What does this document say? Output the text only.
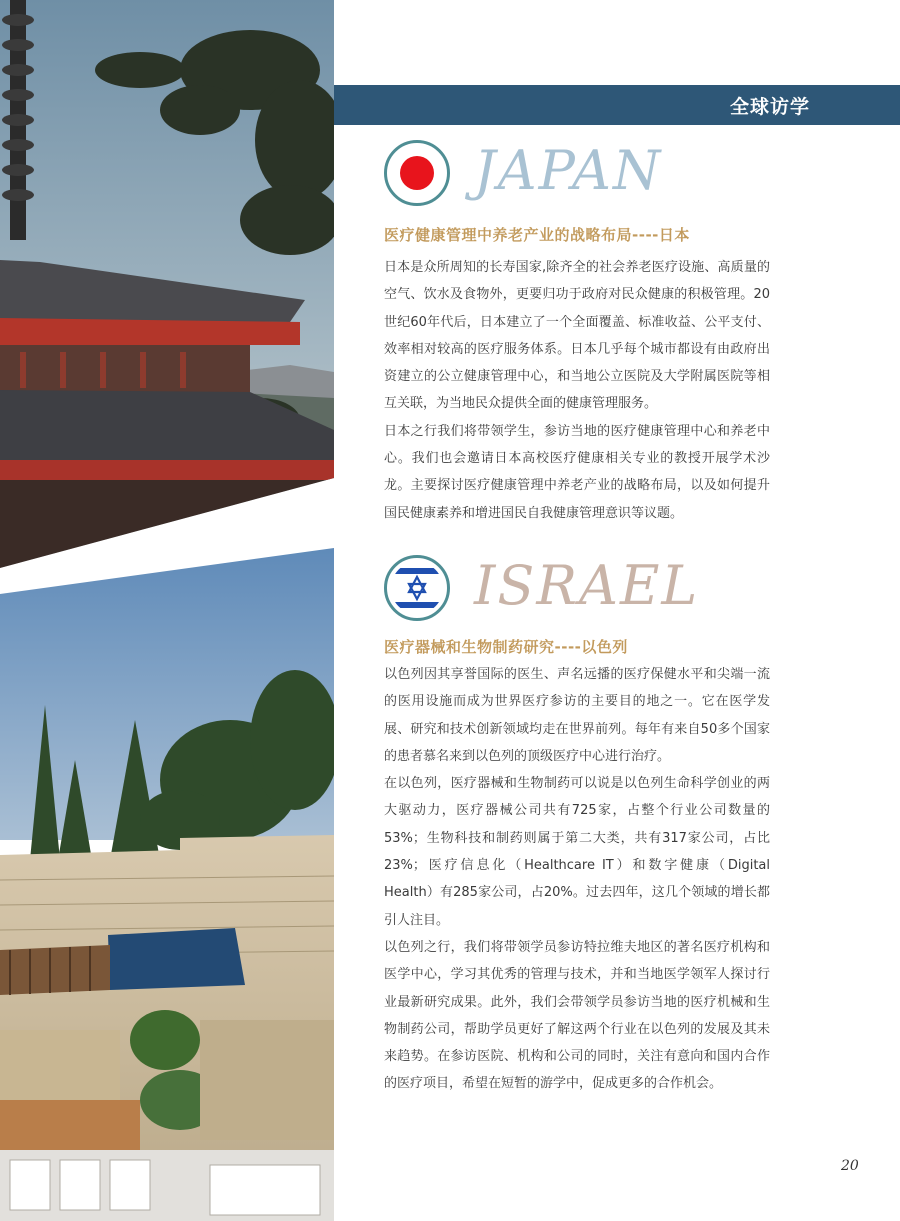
全球访学
JAPAN
医疗健康管理中养老产业的战略布局----日本

日本是众所周知的长寿国家,除齐全的社会养老医疗设施、高质量的空气、饮水及食物外，更要归功于政府对民众健康的积极管理。20世纪60年代后，日本建立了一个全面覆盖、标准收益、公平支付、效率相对较高的医疗服务体系。日本几乎每个城市都设有由政府出资建立的公立健康管理中心，和当地公立医院及大学附属医院等相互关联，为当地民众提供全面的健康管理服务。

日本之行我们将带领学生，参访当地的医疗健康管理中心和养老中心。我们也会邀请日本高校医疗健康相关专业的教授开展学术沙龙。主要探讨医疗健康管理中养老产业的战略布局，以及如何提升国民健康素养和增进国民自我健康管理意识等议题。

ISRAEL
医疗器械和生物制药研究----以色列

以色列因其享誉国际的医生、声名远播的医疗保健水平和尖端一流的医用设施而成为世界医疗参访的主要目的地之一。它在医学发展、研究和技术创新领域均走在世界前列。每年有来自50多个国家的患者慕名来到以色列的顶级医疗中心进行治疗。

在以色列，医疗器械和生物制药可以说是以色列生命科学创业的两大驱动力，医疗器械公司共有725家，占整个行业公司数量的53%；生物科技和制药则属于第二大类，共有317家公司，占比23%；医疗信息化（Healthcare IT）和数字健康（Digital Health）有285家公司，占20%。过去四年，这几个领域的增长都引人注目。

以色列之行，我们将带领学员参访特拉维夫地区的著名医疗机构和医学中心，学习其优秀的管理与技术，并和当地医学领军人探讨行业最新研究成果。此外，我们会带领学员参访当地的医疗机械和生物制药公司，帮助学员更好了解这两个行业在以色列的发展及其未来趋势。在参访医院、机构和公司的同时，关注有意向和国内合作的医疗项目，希望在短暂的游学中，促成更多的合作机会。

20
